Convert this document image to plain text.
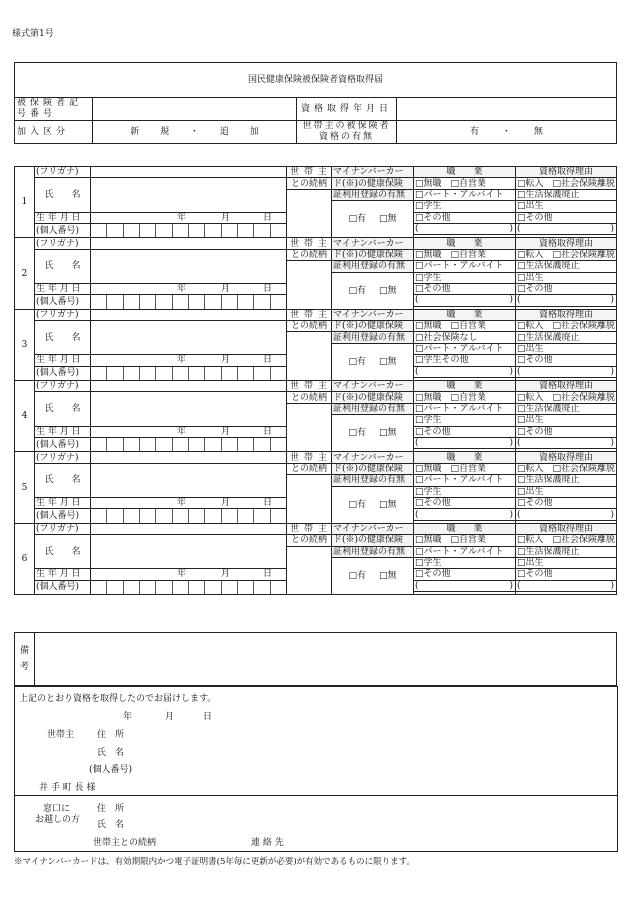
様式第1号
国民健康保険被保険者資格取得届			
被保険者記号番号		資格取得年月日	
加入区分	新 規 ・ 追 加	世帯主の被保険者資格の有無	有 ・ 無
1	(フリガナ)		世 帯 主	マイナンバーカー	職　　業	資格取得理由
	氏　　名		との続柄	ド(※)の健康保険	□無職　□自営業	□転入　□社会保険離脱
				証利用登録の有無	□パート・アルバイト	□生活保護廃止
				□有 □無	□学生	□出生
	生 年 月 日	年 月 日			□その他	□その他
	(個人番号)				( )	( )

2	(フリガナ)		世 帯 主	マイナンバーカー	職　　業	資格取得理由
	氏　　名		との続柄	ド(※)の健康保険	□無職　□自営業	□転入　□社会保険離脱
				証利用登録の有無	□パート・アルバイト	□生活保護廃止
				□有 □無	□学生	□出生
	生 年 月 日	年 月 日			□その他	□その他
	(個人番号)				( )	( )

3	(フリガナ)		世 帯 主	マイナンバーカー	職　　業	資格取得理由
	氏　　名		との続柄	ド(※)の健康保険	□無職　□自営業	□転入　□社会保険離脱
				証利用登録の有無	□社会保険なし	□生活保護廃止
				□有 □無	□パート・アルバイト	□出生
	生 年 月 日	年 月 日			□学生その他	□その他
	(個人番号)				( )	( )

4	(フリガナ)		世 帯 主	マイナンバーカー	職　　業	資格取得理由
	氏　　名		との続柄	ド(※)の健康保険	□無職　□自営業	□転入　□社会保険離脱
				証利用登録の有無	□パート・アルバイト	□生活保護廃止
				□有 □無	□学生	□出生
	生 年 月 日	年 月 日			□その他	□その他
	(個人番号)				( )	( )

5	(フリガナ)		世 帯 主	マイナンバーカー	職　　業	資格取得理由
	氏　　名		との続柄	ド(※)の健康保険	□無職　□自営業	□転入　□社会保険離脱
				証利用登録の有無	□パート・アルバイト	□生活保護廃止
				□有 □無	□学生	□出生
	生 年 月 日	年 月 日			□その他	□その他
	(個人番号)				( )	( )

6	(フリガナ)		世 帯 主	マイナンバーカー	職　　業	資格取得理由
	氏　　名		との続柄	ド(※)の健康保険	□無職　□自営業	□転入　□社会保険離脱
				証利用登録の有無	□パート・アルバイト	□生活保護廃止
				□有 □無	□学生	□出生
	生 年 月 日	年 月 日			□その他	□その他
	(個人番号)				( )	( )

備考	
上記のとおり資格を取得したのでお届けします。
年	月	日
世帯主	住　所
氏　名
(個人番号)
井 手 町 長 様
窓口に
お越しの方
住　所
氏　名
世帯主との続柄	連 絡 先
※マイナンバーカードは、有効期限内かつ電子証明書(5年毎に更新が必要)が有効であるものに限ります。
